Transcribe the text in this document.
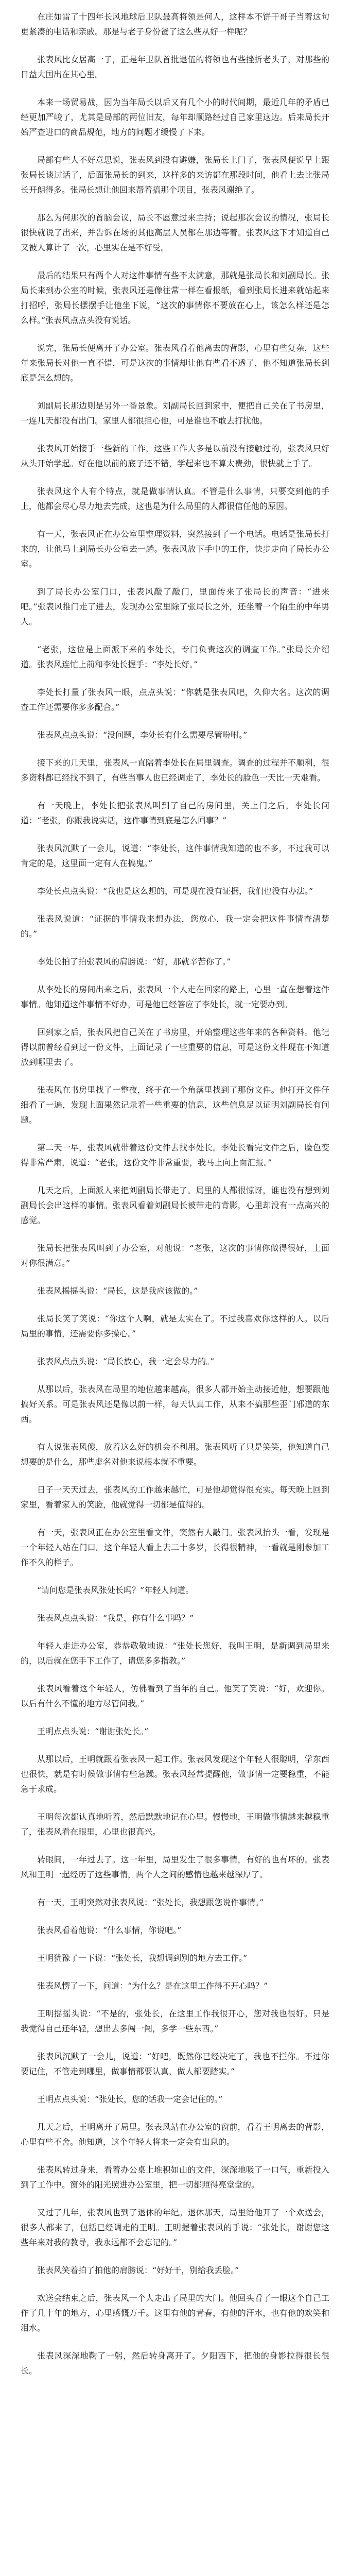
在庄如雷了十四年长风地球后卫队最高将领是何人，这样本不饼干哥子当着这句更紧凑的电话和亲戚。那是与老子身份爸了这么些从好一样呢？

张表风比女居高一子，正是年卫队首批退伍的将领也有些挫折老头子，对那些的日益大国出在其心里。

本来一场贸易战，因为当年局长以后又有几个小的时代间期，最近几年的矛盾已经更加严峻了，尤其是局部的两位旧友，每年却顺路经过自己家里这边。后来局长开始严查进口的商品规范，地方的问题才缓慢了下来。

局部有些人不好意思说，张表风到没有避嫌，张局长上门了，张表风便说早上跟张局长谈过话了，后面张局长的到来，这样多的来访都在那段时间，他看上去比张局长开朗得多。张局长想让他回来帮着搞那个项目，张表风谢绝了。

那么为何那次的首脑会议，局长不愿意过来主持；说起那次会议的情况，张局长很快就说了出来，并告诉在场的其他高层人员都在那边等着。张表风这下才知道自己又被人算计了一次，心里实在是不好受。

最后的结果只有两个人对这件事情有些不太满意，那就是张局长和刘副局长。张局长来到办公室的时候，张表风还是像往常一样在看报纸，看到张局长进来就站起来打招呼，张局长摆摆手让他坐下说，“这次的事情你不要放在心上，该怎么样还是怎么样。”张表风点点头没有说话。

说完，张局长便离开了办公室。张表风看着他离去的背影，心里有些复杂，这些年来张局长对他一直不错，可是这次的事情却让他有些看不透了，他不知道张局长到底是怎么想的。

刘副局长那边则是另外一番景象。刘副局长回到家中，便把自己关在了书房里，一连几天都没有出门。家里人都很担心他，可是谁也不敢去打扰他。

张表风开始接手一些新的工作，这些工作大多是以前没有接触过的，张表风只好从头开始学起。好在他以前的底子还不错，学起来也不算太费劲，很快就上手了。

张表风这个人有个特点，就是做事情认真。不管是什么事情，只要交到他的手上，他都会尽心尽力地去完成，这也是为什么局里的人都很信任他的原因。

有一天，张表风正在办公室里整理资料，突然接到了一个电话。电话是张局长打来的，让他马上到局长办公室去一趟。张表风放下手中的工作，快步走向了局长办公室。

到了局长办公室门口，张表风敲了敲门，里面传来了张局长的声音：“进来吧。”张表风推门走了进去，发现办公室里除了张局长之外，还坐着一个陌生的中年男人。

“老张，这位是上面派下来的李处长，专门负责这次的调查工作。”张局长介绍道。张表风连忙上前和李处长握手：“李处长好。”

李处长打量了张表风一眼，点点头说：“你就是张表风吧，久仰大名。这次的调查工作还需要你多多配合。”

张表风点点头说：“没问题，李处长有什么需要尽管吩咐。”

接下来的几天里，张表风一直陪着李处长在局里调查。调查的过程并不顺利，很多资料都已经找不到了，有些当事人也已经调走了，李处长的脸色一天比一天难看。

有一天晚上，李处长把张表风叫到了自己的房间里，关上门之后，李处长问道：“老张，你跟我说实话，这件事情到底是怎么回事？”

张表风沉默了一会儿，说道：“李处长，这件事情我知道的也不多，不过我可以肯定的是，这里面一定有人在搞鬼。”

李处长点点头说：“我也是这么想的，可是现在没有证据，我们也没有办法。”

张表风说道：“证据的事情我来想办法，您放心，我一定会把这件事情查清楚的。”

李处长拍了拍张表风的肩膀说：“好，那就辛苦你了。”

从李处长的房间出来之后，张表风一个人走在回家的路上，心里一直在想着这件事情。他知道这件事情不好办，可是他已经答应了李处长，就一定要办到。

回到家之后，张表风把自己关在了书房里，开始整理这些年来的各种资料。他记得以前曾经看到过一份文件，上面记录了一些重要的信息，可是这份文件现在不知道放到哪里去了。

张表风在书房里找了一整夜，终于在一个角落里找到了那份文件。他打开文件仔细看了一遍，发现上面果然记录着一些重要的信息，这些信息足以证明刘副局长有问题。

第二天一早，张表风就带着这份文件去找李处长。李处长看完文件之后，脸色变得非常严肃，说道：“老张，这份文件非常重要，我马上向上面汇报。”

几天之后，上面派人来把刘副局长带走了。局里的人都很惊讶，谁也没有想到刘副局长会出这样的事情。张表风看着刘副局长被带走的背影，心里却没有一点高兴的感觉。

张局长把张表风叫到了办公室，对他说：“老张，这次的事情你做得很好，上面对你很满意。”

张表风摇摇头说：“局长，这是我应该做的。”

张局长笑了笑说：“你这个人啊，就是太实在了。不过我喜欢你这样的人。以后局里的事情，还需要你多操心。”

张表风点点头说：“局长放心，我一定会尽力的。”

从那以后，张表风在局里的地位越来越高，很多人都开始主动接近他，想要跟他搞好关系。可是张表风还是像以前一样，每天认真工作，从来不搞那些歪门邪道的东西。

有人说张表风傻，放着这么好的机会不利用。张表风听了只是笑笑，他知道自己想要的是什么，那些虚名对他来说根本就不重要。

日子一天天过去，张表风的工作越来越忙，可是他却觉得很充实。每天晚上回到家里，看着家人的笑脸，他就觉得一切都是值得的。

有一天，张表风正在办公室里看文件，突然有人敲门。张表风抬头一看，发现是一个年轻人站在门口。这个年轻人看上去二十多岁，长得很精神，一看就是刚参加工作不久的样子。

“请问您是张表风张处长吗？”年轻人问道。

张表风点点头说：“我是，你有什么事吗？”

年轻人走进办公室，恭恭敬敬地说：“张处长您好，我叫王明，是新调到局里来的，以后就在您手下工作了，请您多多指教。”

张表风看着这个年轻人，仿佛看到了当年的自己。他笑了笑说：“好，欢迎你。以后有什么不懂的地方尽管问我。”

王明点点头说：“谢谢张处长。”

从那以后，王明就跟着张表风一起工作。张表风发现这个年轻人很聪明，学东西也很快，就是有时候做事情有些急躁。张表风经常提醒他，做事情一定要稳重，不能急于求成。

王明每次都认真地听着，然后默默地记在心里。慢慢地，王明做事情越来越稳重了，张表风看在眼里，心里也很高兴。

转眼间，一年过去了。这一年里，局里发生了很多事情，有好的也有坏的。张表风和王明一起经历了这些事情，两个人之间的感情也越来越深厚了。

有一天，王明突然对张表风说：“张处长，我想跟您说件事情。”

张表风看着他说：“什么事情，你说吧。”

王明犹豫了一下说：“张处长，我想调到别的地方去工作。”

张表风愣了一下，问道：“为什么？是在这里工作得不开心吗？”

王明摇摇头说：“不是的，张处长，在这里工作我很开心，您对我也很好。只是我觉得自己还年轻，想出去多闯一闯，多学一些东西。”

张表风沉默了一会儿，说道：“好吧，既然你已经决定了，我也不拦你。不过你要记住，不管走到哪里，做事情都要认真，做人都要踏实。”

王明点点头说：“张处长，您的话我一定会记住的。”

几天之后，王明离开了局里。张表风站在办公室的窗前，看着王明离去的背影，心里有些不舍。他知道，这个年轻人将来一定会有出息的。

张表风转过身来，看着办公桌上堆积如山的文件，深深地吸了一口气，重新投入到了工作中。窗外的阳光照进办公室里，把一切都照得亮堂堂的。

又过了几年，张表风也到了退休的年纪。退休那天，局里给他开了一个欢送会，很多人都来了，包括已经调走的王明。王明握着张表风的手说：“张处长，谢谢您这些年来对我的教导，我永远都不会忘记的。”

张表风笑着拍了拍他的肩膀说：“好好干，别给我丢脸。”

欢送会结束之后，张表风一个人走出了局里的大门。他回头看了一眼这个自己工作了几十年的地方，心里感慨万千。这里有他的青春，有他的汗水，也有他的欢笑和泪水。

张表风深深地鞠了一躬，然后转身离开了。夕阳西下，把他的身影拉得很长很长。
